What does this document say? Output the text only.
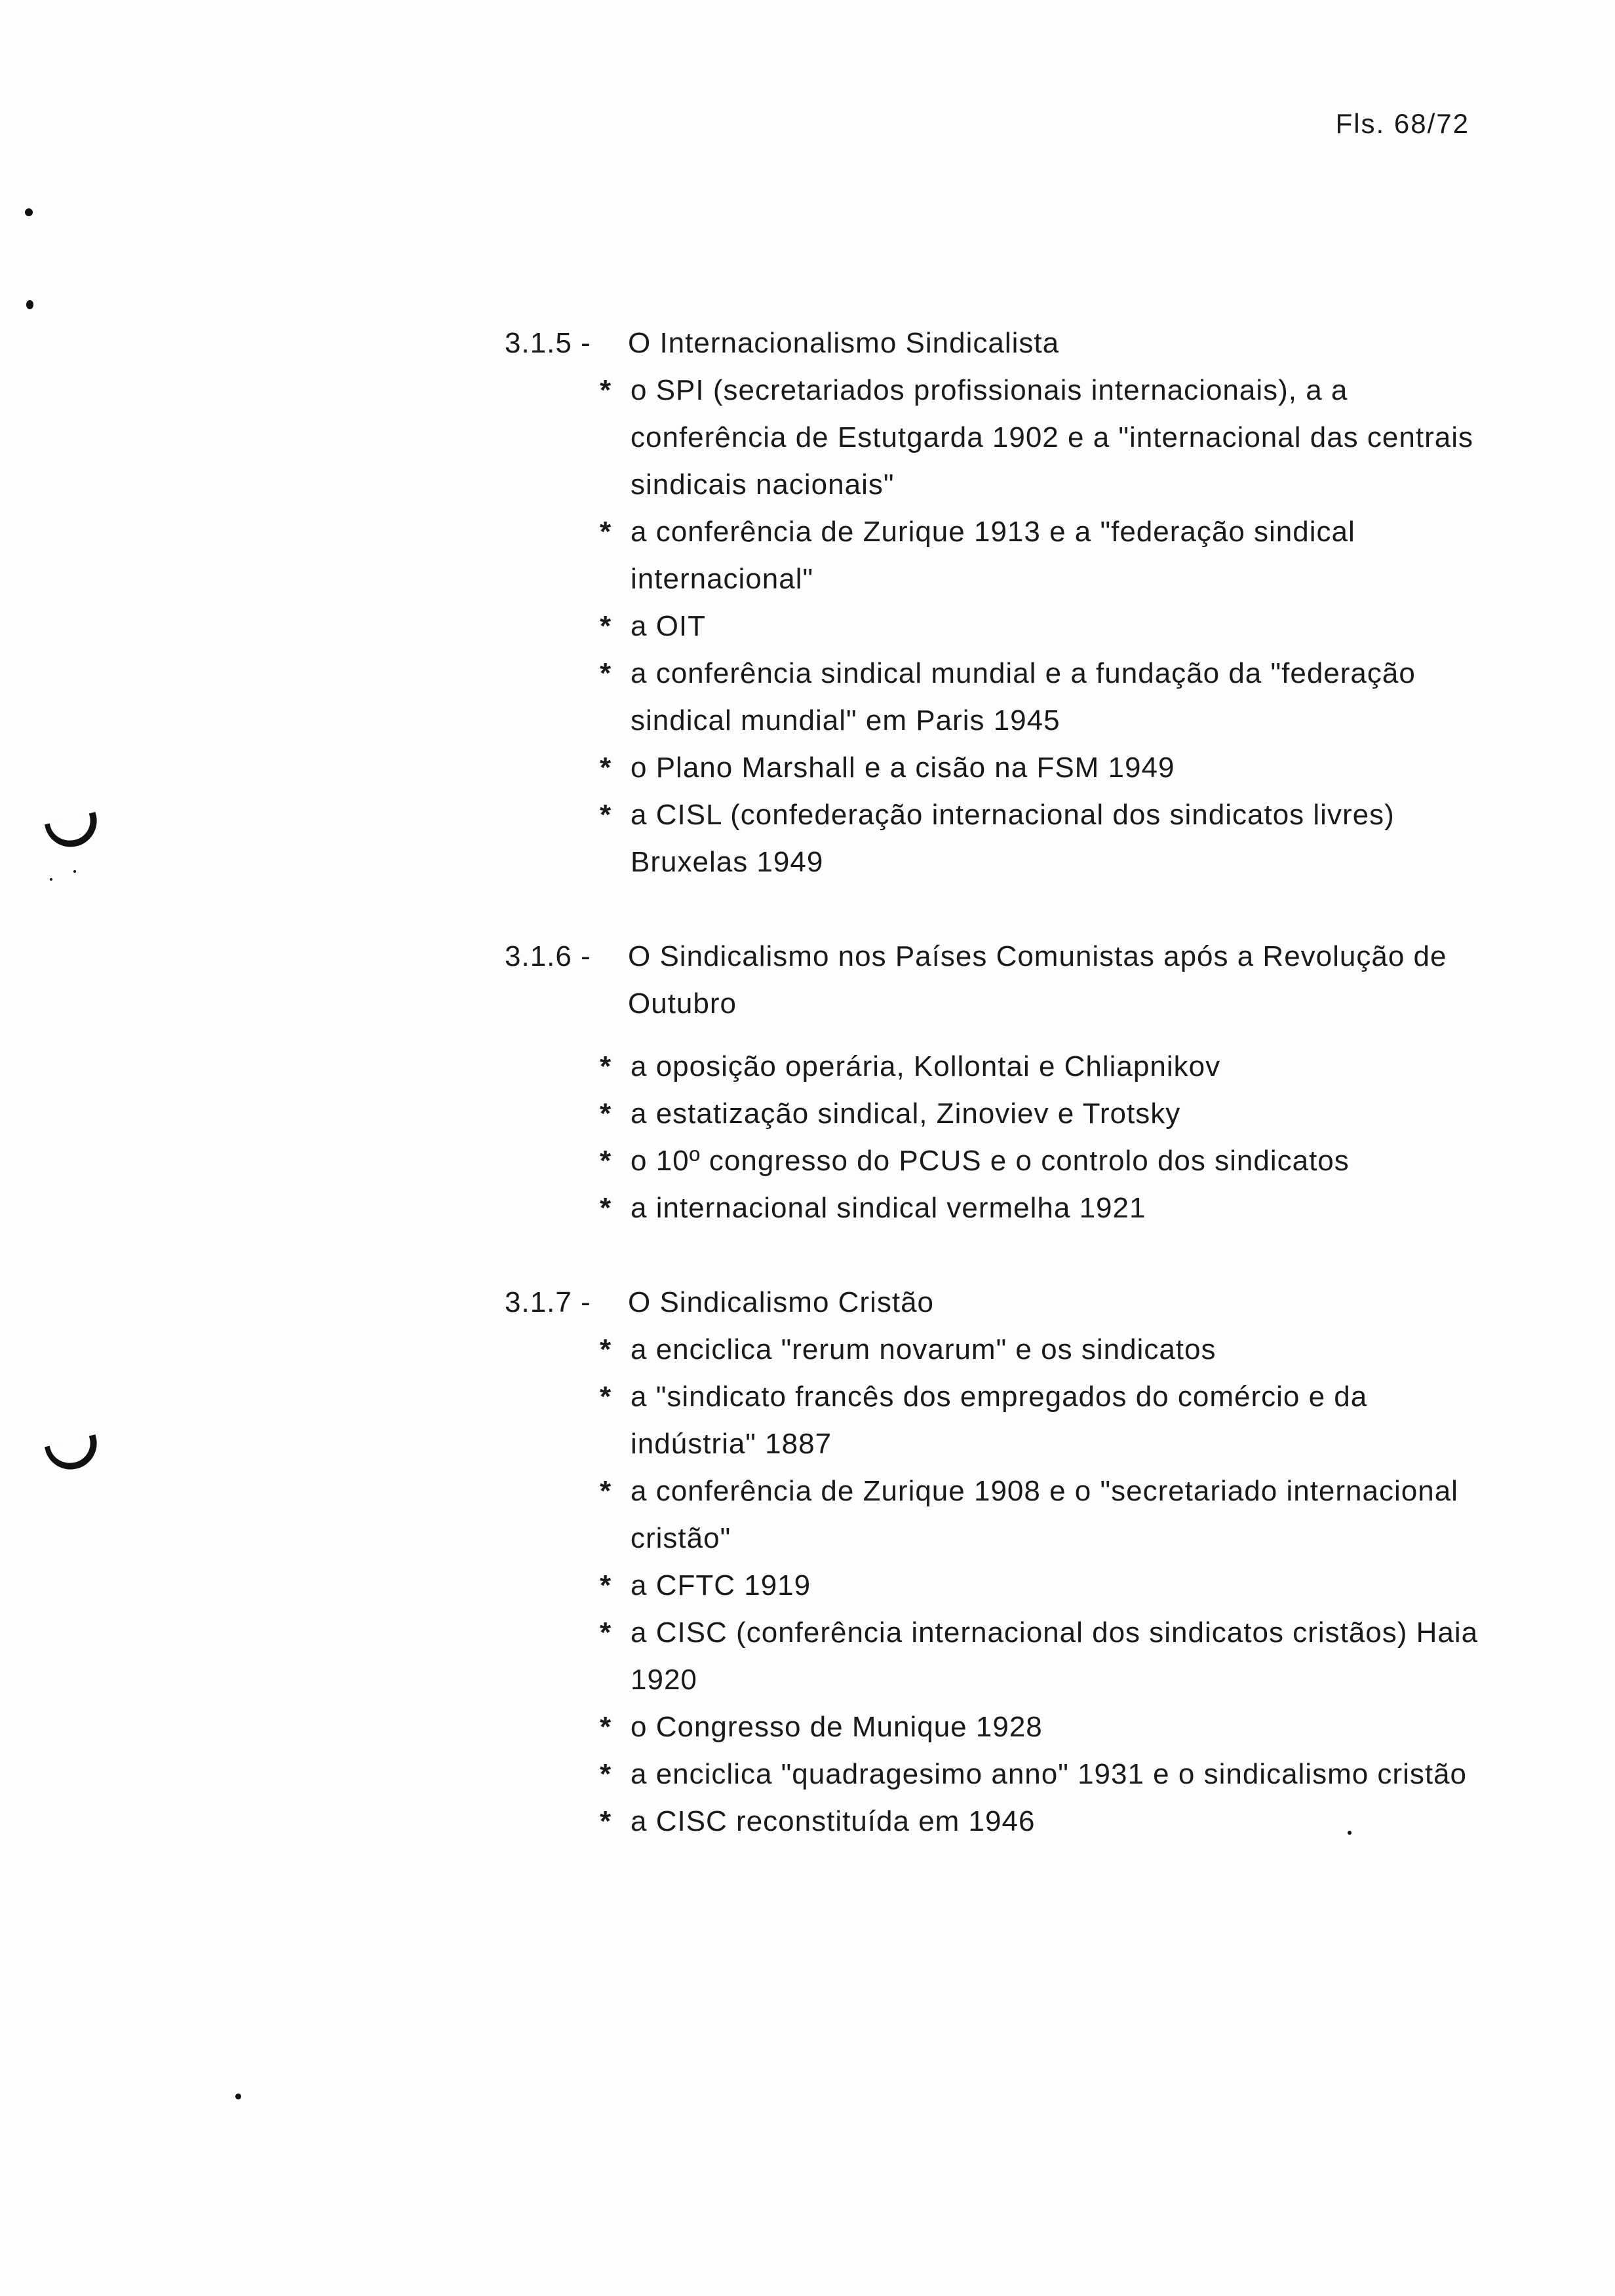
Fls. 68/72
3.1.5 -	O Internacionalismo Sindicalista
* o SPI (secretariados profissionais internacionais), a a conferência de Estutgarda 1902 e a "internacional das centrais sindicais nacionais"
* a conferência de Zurique 1913 e a "federação sindical internacional"
* a OIT
* a conferência sindical mundial e a fundação da "federação sindical mundial" em Paris 1945
* o Plano Marshall e a cisão na FSM 1949
* a CISL (confederação internacional dos sindicatos livres) Bruxelas 1949
3.1.6 -	O Sindicalismo nos Países Comunistas após a Revolução de Outubro
* a oposição operária, Kollontai e Chliapnikov
* a estatização sindical, Zinoviev e Trotsky
* o 10º congresso do PCUS e o controlo dos sindicatos
* a internacional sindical vermelha 1921
3.1.7 -	O Sindicalismo Cristão
* a enciclica "rerum novarum" e os sindicatos
* a "sindicato francês dos empregados do comércio e da indústria" 1887
* a conferência de Zurique 1908 e o "secretariado internacional cristão"
* a CFTC 1919
* a CISC (conferência internacional dos sindicatos cristãos) Haia 1920
* o Congresso de Munique 1928
* a enciclica "quadragesimo anno" 1931 e o sindicalismo cristão
* a CISC reconstituída em 1946
